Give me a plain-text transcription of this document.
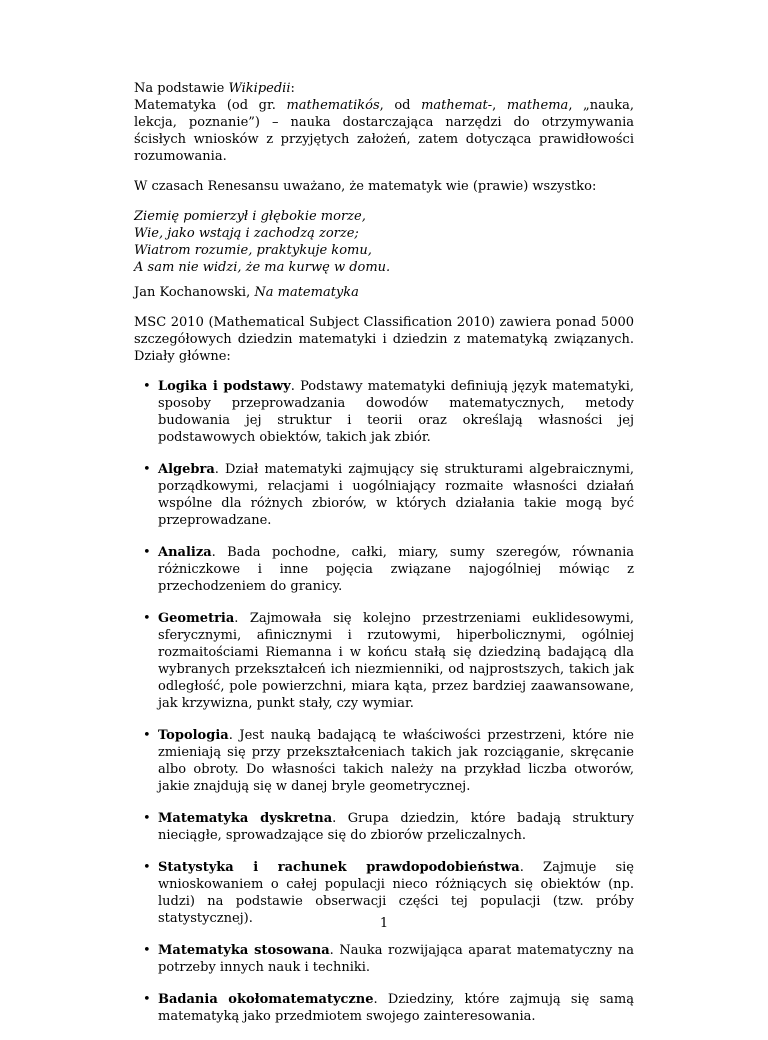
Na podstawie Wikipedii:
Matematyka (od gr. mathematikós, od mathemat-, mathema, „nauka, lekcja, poznanie”) – nauka dostarczająca narzędzi do otrzymywania ścisłych wniosków z przyjętych założeń, zatem dotycząca prawidłowości rozumowania.

W czasach Renesansu uważano, że matematyk wie (prawie) wszystko:

Ziemię pomierzył i głębokie morze,
Wie, jako wstają i zachodzą zorze;
Wiatrom rozumie, praktykuje komu,
A sam nie widzi, że ma kurwę w domu.

Jan Kochanowski, Na matematyka

MSC 2010 (Mathematical Subject Classification 2010) zawiera ponad 5000 szczegółowych dziedzin matematyki i dziedzin z matematyką związanych. Działy główne:

• Logika i podstawy. Podstawy matematyki definiują język matematyki, sposoby przeprowadzania dowodów matematycznych, metody budowania jej struktur i teorii oraz określają własności jej podstawowych obiektów, takich jak zbiór.
• Algebra. Dział matematyki zajmujący się strukturami algebraicznymi, porządkowymi, relacjami i uogólniający rozmaite własności działań wspólne dla różnych zbiorów, w których działania takie mogą być przeprowadzane.
• Analiza. Bada pochodne, całki, miary, sumy szeregów, równania różniczkowe i inne pojęcia związane najogólniej mówiąc z przechodzeniem do granicy.
• Geometria. Zajmowała się kolejno przestrzeniami euklidesowymi, sferycznymi, afinicznymi i rzutowymi, hiperbolicznymi, ogólniej rozmaitościami Riemanna i w końcu stałą się dziedziną badającą dla wybranych przekształceń ich niezmienniki, od najprostszych, takich jak odległość, pole powierzchni, miara kąta, przez bardziej zaawansowane, jak krzywizna, punkt stały, czy wymiar.
• Topologia. Jest nauką badającą te właściwości przestrzeni, które nie zmieniają się przy przekształceniach takich jak rozciąganie, skręcanie albo obroty. Do własności takich należy na przykład liczba otworów, jakie znajdują się w danej bryle geometrycznej.
• Matematyka dyskretna. Grupa dziedzin, które badają struktury nieciągłe, sprowadzające się do zbiorów przeliczalnych.
• Statystyka i rachunek prawdopodobieństwa. Zajmuje się wnioskowaniem o całej populacji nieco różniących się obiektów (np. ludzi) na podstawie obserwacji części tej populacji (tzw. próby statystycznej).
• Matematyka stosowana. Nauka rozwijająca aparat matematyczny na potrzeby innych nauk i techniki.
• Badania okołomatematyczne. Dziedziny, które zajmują się samą matematyką jako przedmiotem swojego zainteresowania.
1
